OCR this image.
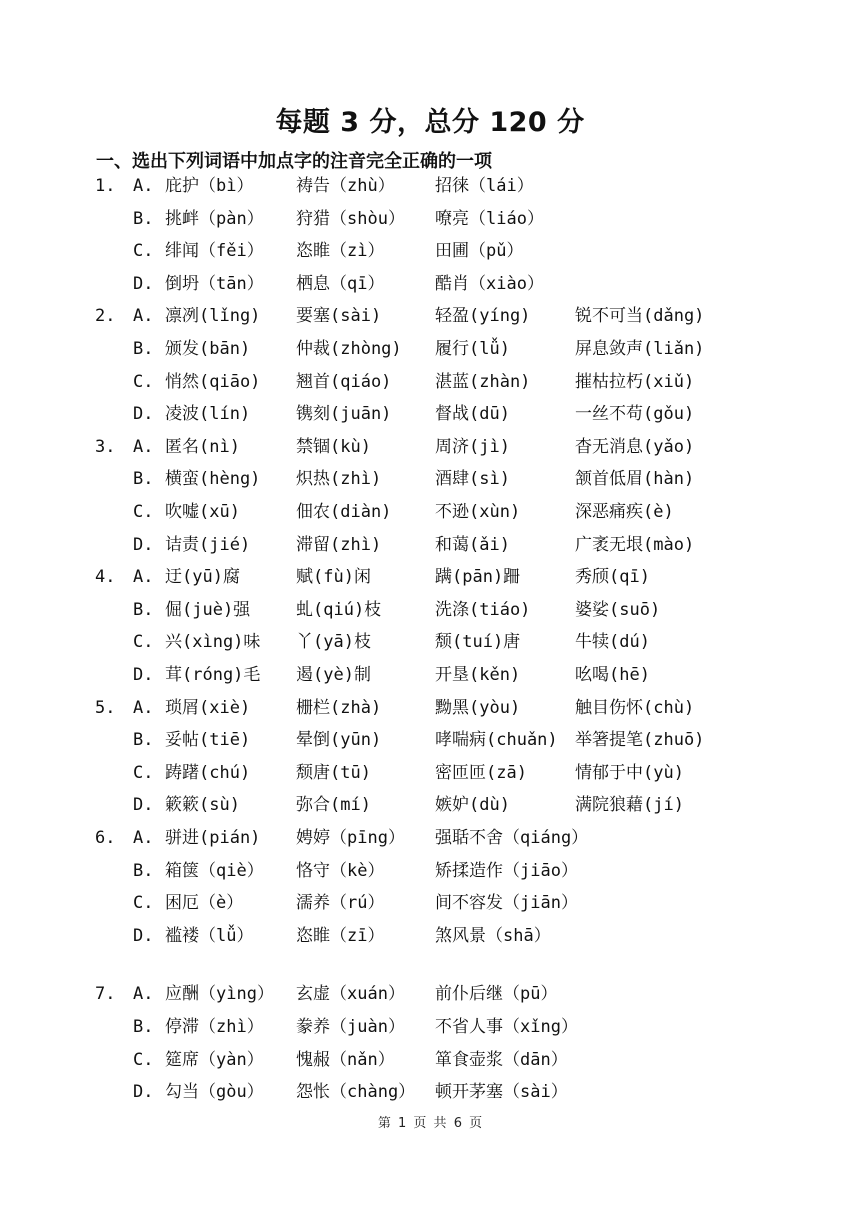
每题 3 分，总分 120 分
一、选出下列词语中加点字的注音完全正确的一项
1. A. 庇护（bì）	祷告（zhù） 招徕（lái）
B. 挑衅（pàn） 狩猎（shòu） 嘹亮（liáo）
C. 绯闻（fěi） 恣睢（zì）	田圃（pǔ）
D. 倒坍（tān） 栖息（qī）	酷肖（xiào）
2. A. 凛冽(lǐng) 要塞(sài)	轻盈(yíng)	锐不可当(dǎng)
B. 颁发(bān)	仲裁(zhòng) 履行(lǚ)	屏息敛声(liǎn)
C. 悄然(qiāo) 翘首(qiáo)	湛蓝(zhàn)	摧枯拉朽(xiǔ)
D. 凌波(lín)	镌刻(juān)	督战(dū)	一丝不苟(gǒu)
3. A. 匿名(nì)	禁锢(kù)	周济(jì)	杳无消息(yǎo)
B. 横蛮(hèng) 炽热(zhì)	酒肆(sì)	颔首低眉(hàn)
C. 吹嘘(xū)	佃农(diàn)	不逊(xùn)	深恶痛疾(è)
D. 诘责(jié)	滞留(zhì)	和蔼(ǎi)	广袤无垠(mào)
4. A. 迂(yū)腐	赋(fù)闲	蹒(pān)跚	秀颀(qī)
B. 倔(juè)强	虬(qiú)枝	洗涤(tiáo)	婆娑(suō)
C. 兴(xìng)味 丫(yā)枝	颓(tuí)唐	牛犊(dú)
D. 茸(róng)毛 遏(yè)制	开垦(kěn)	吆喝(hē)
5. A. 琐屑(xiè)	栅栏(zhà)	黝黑(yòu)	触目伤怀(chù)
B. 妥帖(tiē)	晕倒(yūn)	哮喘病(chuǎn) 举箸提笔(zhuō)
C. 踌躇(chú)	颓唐(tū)	密匝匝(zā)	情郁于中(yù)
D. 簌簌(sù)	弥合(mí)	嫉妒(dù)	满院狼藉(jí)
6. A. 骈进(pián) 娉婷（pīng） 强聒不舍（qiáng）
B. 箱箧（qiè） 恪守（kè）	矫揉造作（jiāo）
C. 困厄（è）	濡养（rú）	间不容发（jiān）
D. 褴褛（lǚ）	恣睢（zī）	煞风景（shā）
7. A. 应酬（yìng） 玄虚（xuán） 前仆后继（pū）
B. 停滞（zhì） 豢养（juàn） 不省人事（xǐng）
C. 筵席（yàn） 愧赧（nǎn） 箪食壶浆（dān）
D. 勾当（gòu） 怨怅（chàng） 顿开茅塞（sài）
第 1 页 共 6 页
